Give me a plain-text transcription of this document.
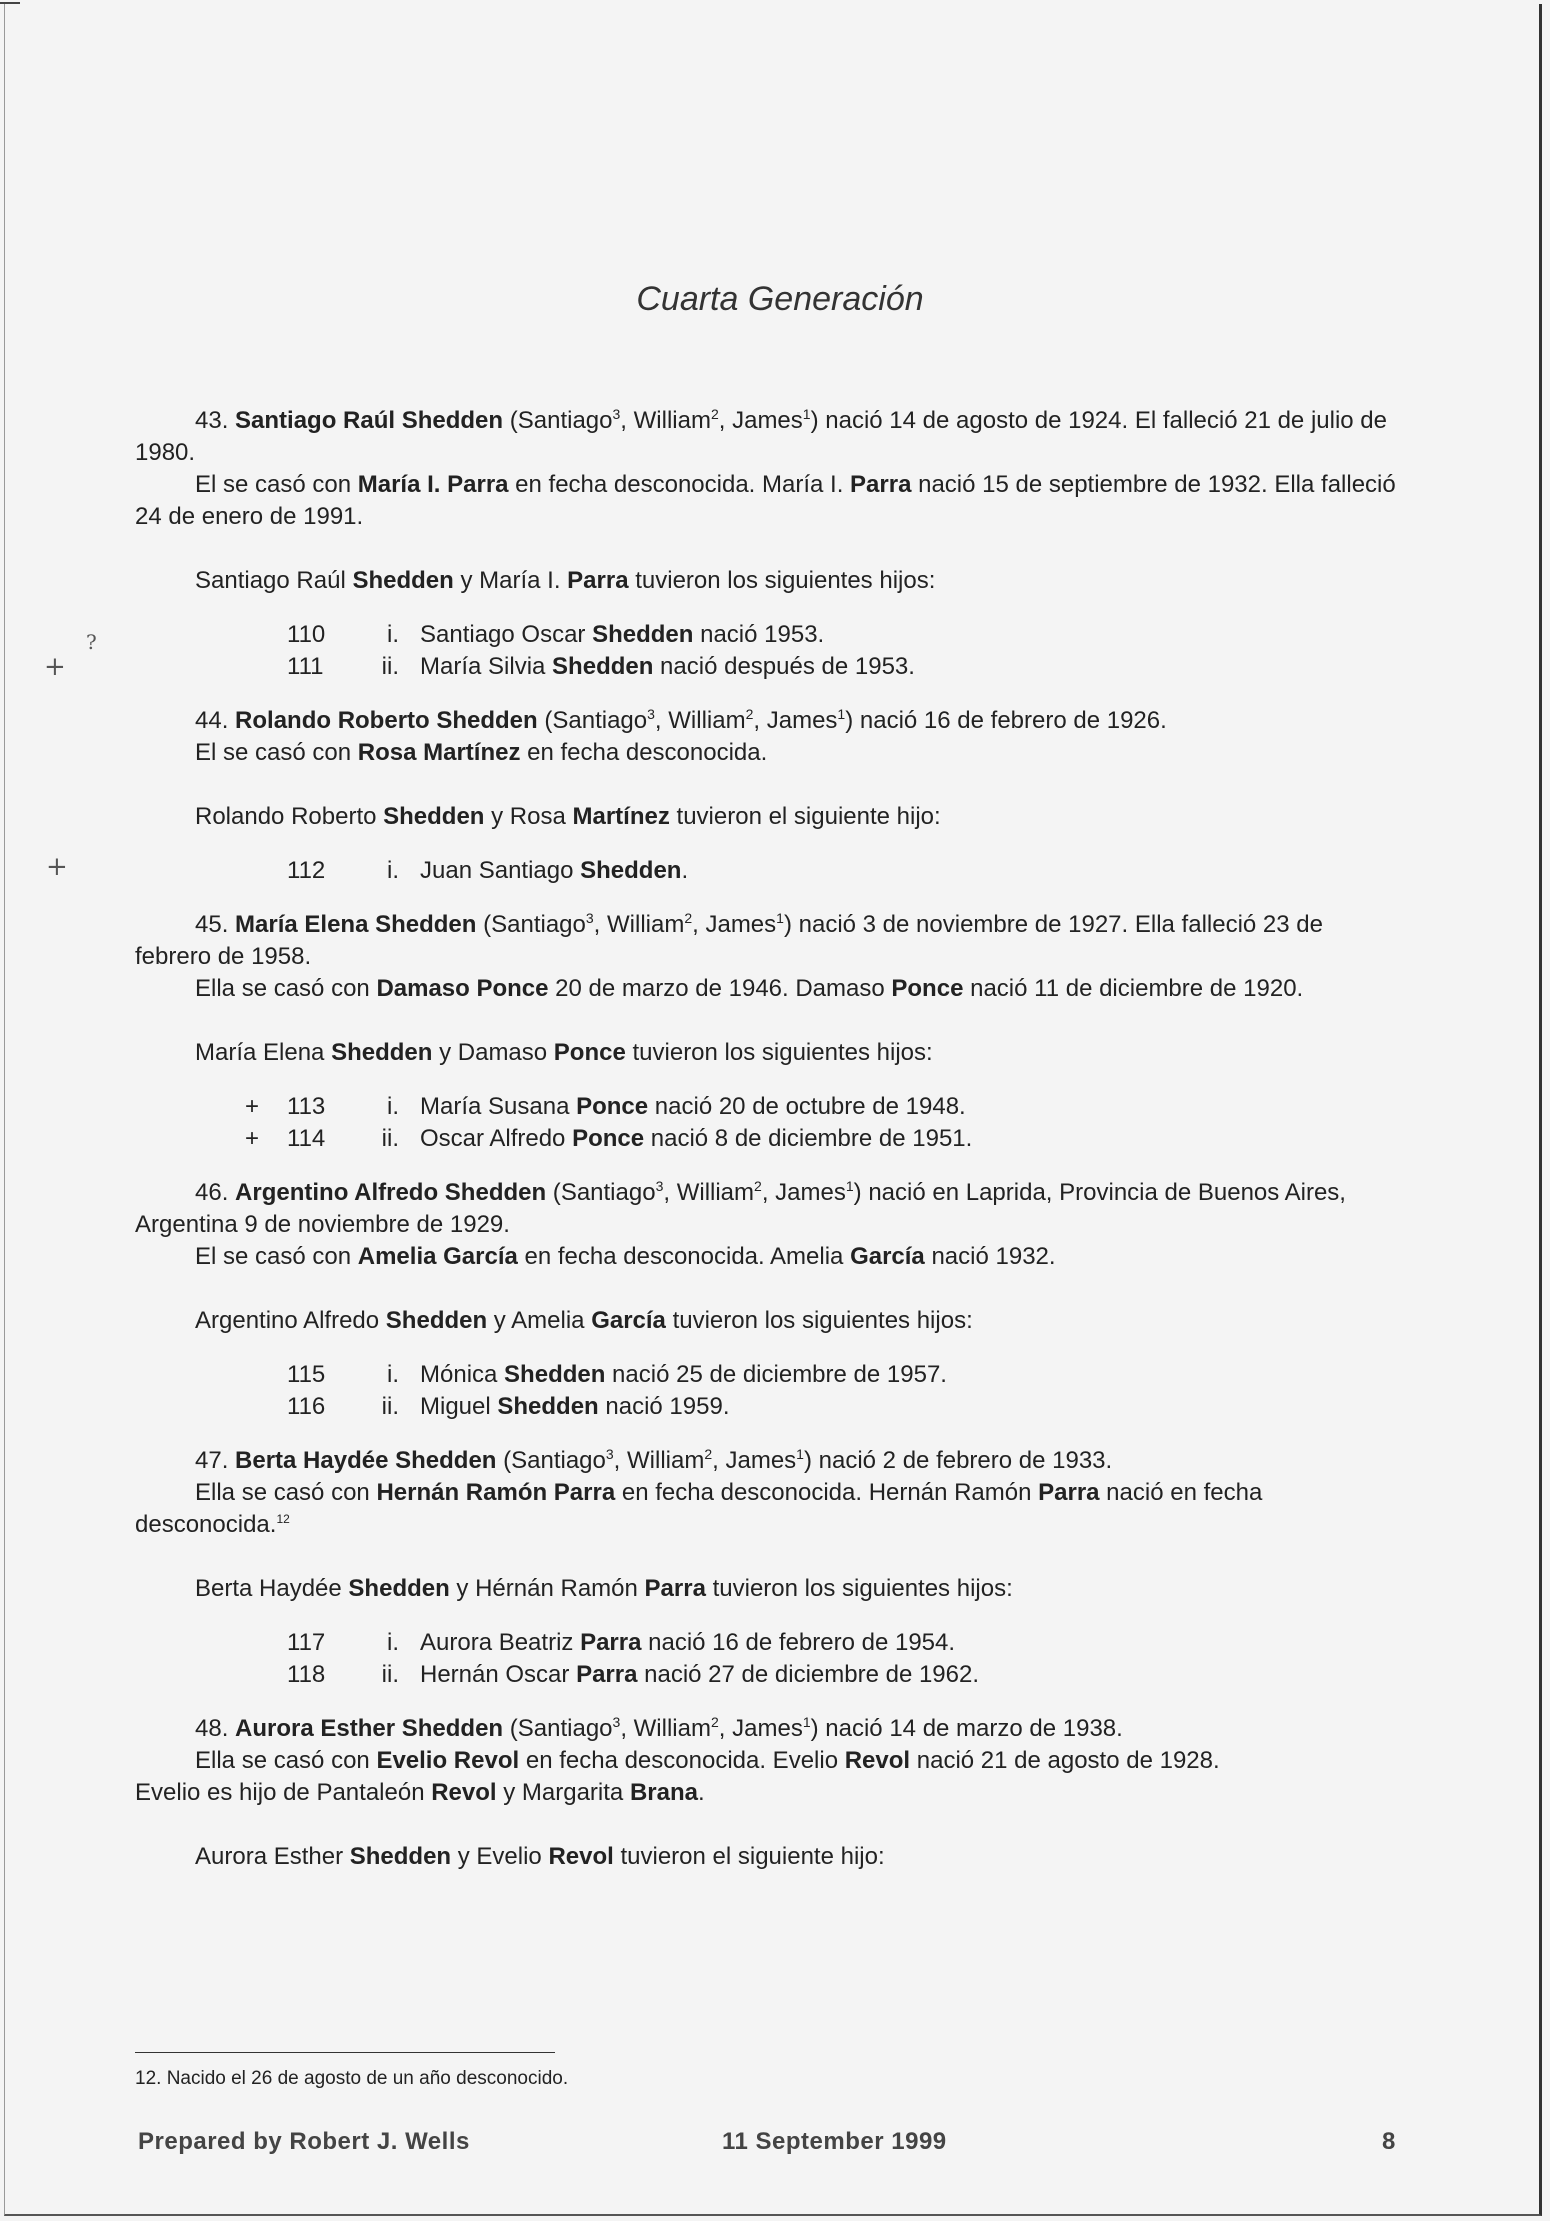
Cuarta Generación
+
?
+

43. Santiago Raúl Shedden (Santiago$^3$, William$^2$, James$^1$) nació 14 de agosto de 1924. El falleció 21 de julio de 1980.

El se casó con María I. Parra en fecha desconocida. María I. Parra nació 15 de septiembre de 1932. Ella falleció 24 de enero de 1991.

Santiago Raúl Shedden y María I. Parra tuvieron los siguientes hijos:

110	i. Santiago Oscar Shedden nació 1953.
111 ii. María Silvia Shedden nació después de 1953.

44. Rolando Roberto Shedden (Santiago$^3$, William$^2$, James$^1$) nació 16 de febrero de 1926.

El se casó con Rosa Martínez en fecha desconocida.

Rolando Roberto Shedden y Rosa Martínez tuvieron el siguiente hijo:

112	i. Juan Santiago Shedden.

45. María Elena Shedden (Santiago$^3$, William$^2$, James$^1$) nació 3 de noviembre de 1927. Ella falleció 23 de febrero de 1958.

Ella se casó con Damaso Ponce 20 de marzo de 1946. Damaso Ponce nació 11 de diciembre de 1920.

María Elena Shedden y Damaso Ponce tuvieron los siguientes hijos:

+ 113	i. María Susana Ponce nació 20 de octubre de 1948.
+ 114 ii. Oscar Alfredo Ponce nació 8 de diciembre de 1951.

46. Argentino Alfredo Shedden (Santiago$^3$, William$^2$, James$^1$) nació en Laprida, Provincia de Buenos Aires, Argentina 9 de noviembre de 1929.

El se casó con Amelia García en fecha desconocida. Amelia García nació 1932.

Argentino Alfredo Shedden y Amelia García tuvieron los siguientes hijos:

115	i. Mónica Shedden nació 25 de diciembre de 1957.
116 ii. Miguel Shedden nació 1959.

47. Berta Haydée Shedden (Santiago$^3$, William$^2$, James$^1$) nació 2 de febrero de 1933.

Ella se casó con Hernán Ramón Parra en fecha desconocida. Hernán Ramón Parra nació en fecha desconocida.$^{12}$

Berta Haydée Shedden y Hérnán Ramón Parra tuvieron los siguientes hijos:

117	i. Aurora Beatriz Parra nació 16 de febrero de 1954.
118 ii. Hernán Oscar Parra nació 27 de diciembre de 1962.

48. Aurora Esther Shedden (Santiago$^3$, William$^2$, James$^1$) nació 14 de marzo de 1938.

Ella se casó con Evelio Revol en fecha desconocida. Evelio Revol nació 21 de agosto de 1928.

Evelio es hijo de Pantaleón Revol y Margarita Brana.

Aurora Esther Shedden y Evelio Revol tuvieron el siguiente hijo:

12. Nacido el 26 de agosto de un año desconocido.
Prepared by Robert J. Wells	11 September 1999	8
